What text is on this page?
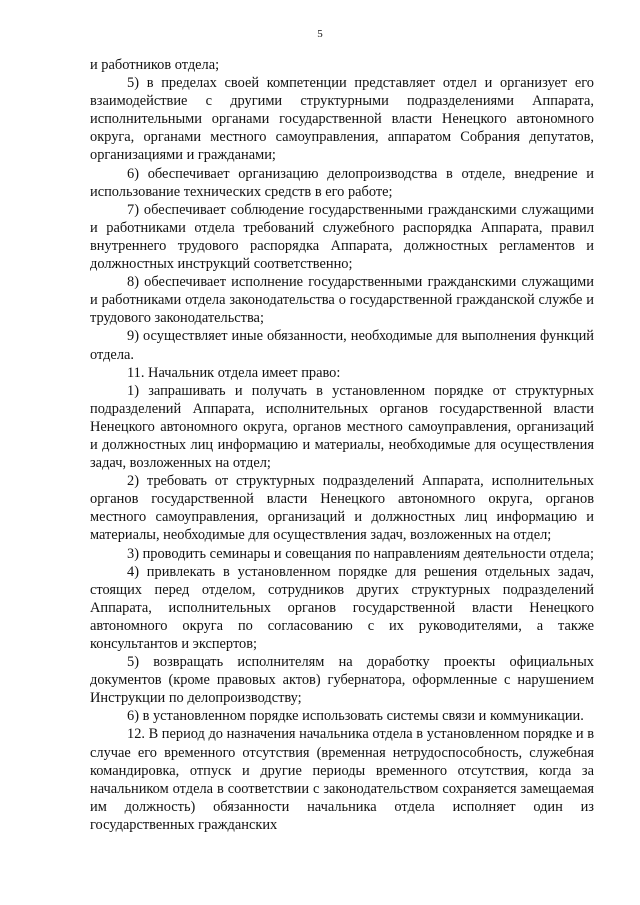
5

и работников отдела;

5) в пределах своей компетенции представляет отдел и организует его взаимодействие с другими структурными подразделениями Аппарата, исполнительными органами государственной власти Ненецкого автономного округа, органами местного самоуправления, аппаратом Собрания депутатов, организациями и гражданами;

6) обеспечивает организацию делопроизводства в отделе, внедрение и использование технических средств в его работе;

7) обеспечивает соблюдение государственными гражданскими служащими и работниками отдела требований служебного распорядка Аппарата, правил внутреннего трудового распорядка Аппарата, должностных регламентов и должностных инструкций соответственно;

8) обеспечивает исполнение государственными гражданскими служащими и работниками отдела законодательства о государственной гражданской службе и трудового законодательства;

9) осуществляет иные обязанности, необходимые для выполнения функций отдела.

11. Начальник отдела имеет право:

1) запрашивать и получать в установленном порядке от структурных подразделений Аппарата, исполнительных органов государственной власти Ненецкого автономного округа, органов местного самоуправления, организаций и должностных лиц информацию и материалы, необходимые для осуществления задач, возложенных на отдел;

2) требовать от структурных подразделений Аппарата, исполнительных органов государственной власти Ненецкого автономного округа, органов местного самоуправления, организаций и должностных лиц информацию и материалы, необходимые для осуществления задач, возложенных на отдел;

3) проводить семинары и совещания по направлениям деятельности отдела;

4) привлекать в установленном порядке для решения отдельных задач, стоящих перед отделом, сотрудников других структурных подразделений Аппарата, исполнительных органов государственной власти Ненецкого автономного округа по согласованию с их руководителями, а также консультантов и экспертов;

5) возвращать исполнителям на доработку проекты официальных документов (кроме правовых актов) губернатора, оформленные с нарушением Инструкции по делопроизводству;

6) в установленном порядке использовать системы связи и коммуникации.

12. В период до назначения начальника отдела в установленном порядке и в случае его временного отсутствия (временная нетрудоспособность, служебная командировка, отпуск и другие периоды временного отсутствия, когда за начальником отдела в соответствии с законодательством сохраняется замещаемая им должность) обязанности начальника отдела исполняет один из государственных гражданских
